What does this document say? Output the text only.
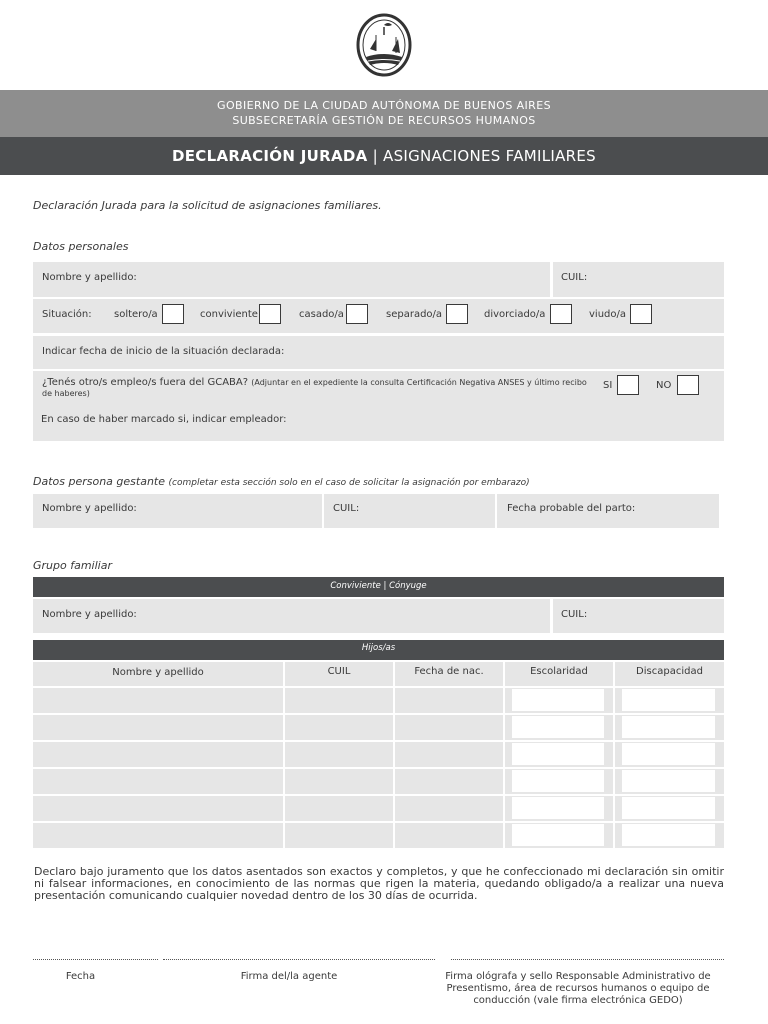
GOBIERNO DE LA CIUDAD AUTÓNOMA DE BUENOS AIRES
SUBSECRETARÍA GESTIÓN DE RECURSOS HUMANOS
DECLARACIÓN JURADA | ASIGNACIONES FAMILIARES
Declaración Jurada para la solicitud de asignaciones familiares.
Datos personales
Nombre y apellido:	CUIL:
Situación: soltero/a	conviviente	casado/a	separado/a	divorciado/a	viudo/a
Indicar fecha de inicio de la situación declarada:
¿Tenés otro/s empleo/s fuera del GCABA? (Adjuntar en el expediente la consulta Certificación Negativa ANSES y último recibo de haberes)
SI	NO
En caso de haber marcado si, indicar empleador:
Datos persona gestante (completar esta sección solo en el caso de solicitar la asignación por embarazo)
Nombre y apellido:	CUIL:	Fecha probable del parto:
Grupo familiar
Conviviente | Cónyuge
Nombre y apellido:	CUIL:
Hijos/as
Nombre y apellido	CUIL	Fecha de nac.	Escolaridad	Discapacidad
Declaro bajo juramento que los datos asentados son exactos y completos, y que he confeccionado mi declaración sin omitir ni falsear informaciones, en conocimiento de las normas que rigen la materia, quedando obligado/a a realizar una nueva presentación comunicando cualquier novedad dentro de los 30 días de ocurrida.
Fecha	Firma del/la agente	Firma ológrafa y sello Responsable Administrativo de Presentismo, área de recursos humanos o equipo de conducción (vale firma electrónica GEDO)
